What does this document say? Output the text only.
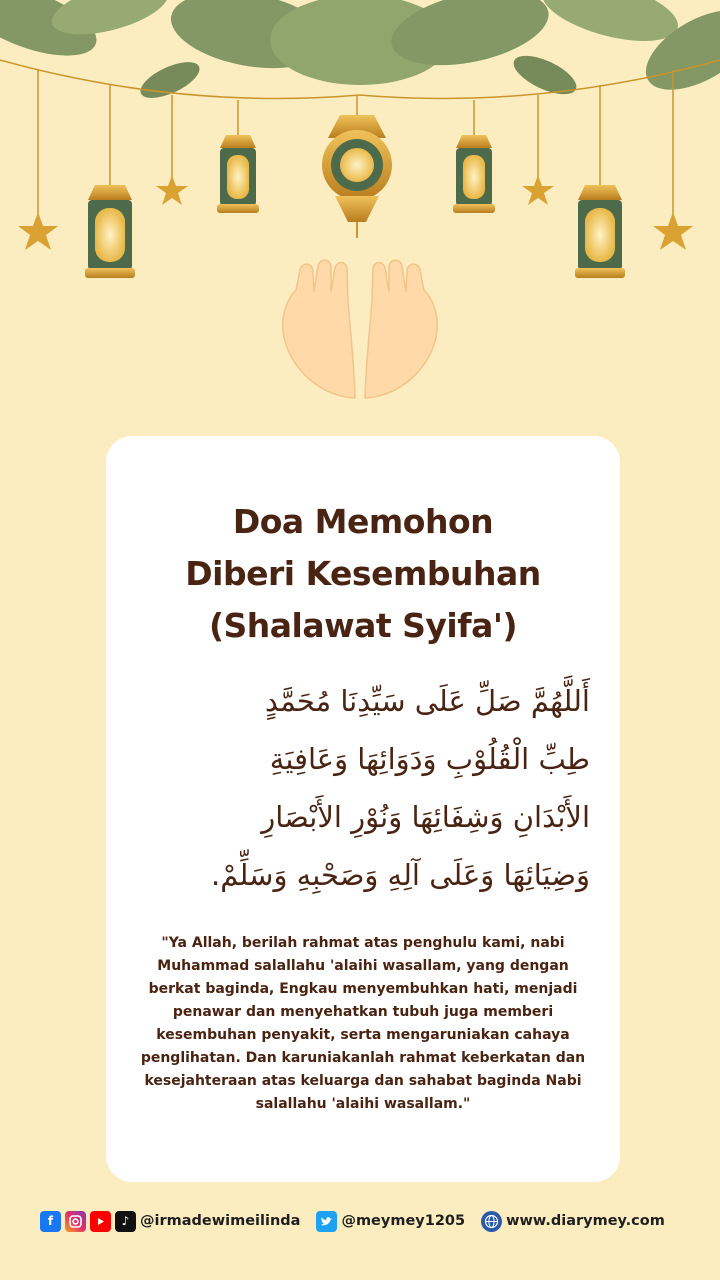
Doa Memohon
Diberi Kesembuhan
(Shalawat Syifa')
أَللَّهُمَّ صَلِّ عَلَى سَيِّدِنَا مُحَمَّدٍ
طِبِّ الْقُلُوْبِ وَدَوَائِهَا وَعَافِيَةِ
الأَبْدَانِ وَشِفَائِهَا وَنُوْرِ الأَبْصَارِ
وَضِيَائِهَا وَعَلَى آلِهِ وَصَحْبِهِ وَسَلِّمْ.
"Ya Allah, berilah rahmat atas penghulu kami, nabi Muhammad salallahu 'alaihi wasallam, yang dengan berkat baginda, Engkau menyembuhkan hati, menjadi penawar dan menyehatkan tubuh juga memberi kesembuhan penyakit, serta mengaruniakan cahaya penglihatan. Dan karuniakanlah rahmat keberkatan dan kesejahteraan atas keluarga dan sahabat baginda Nabi salallahu 'alaihi wasallam."
f	♪ @irmadewimeilinda	@meymey1205	www.diarymey.com
